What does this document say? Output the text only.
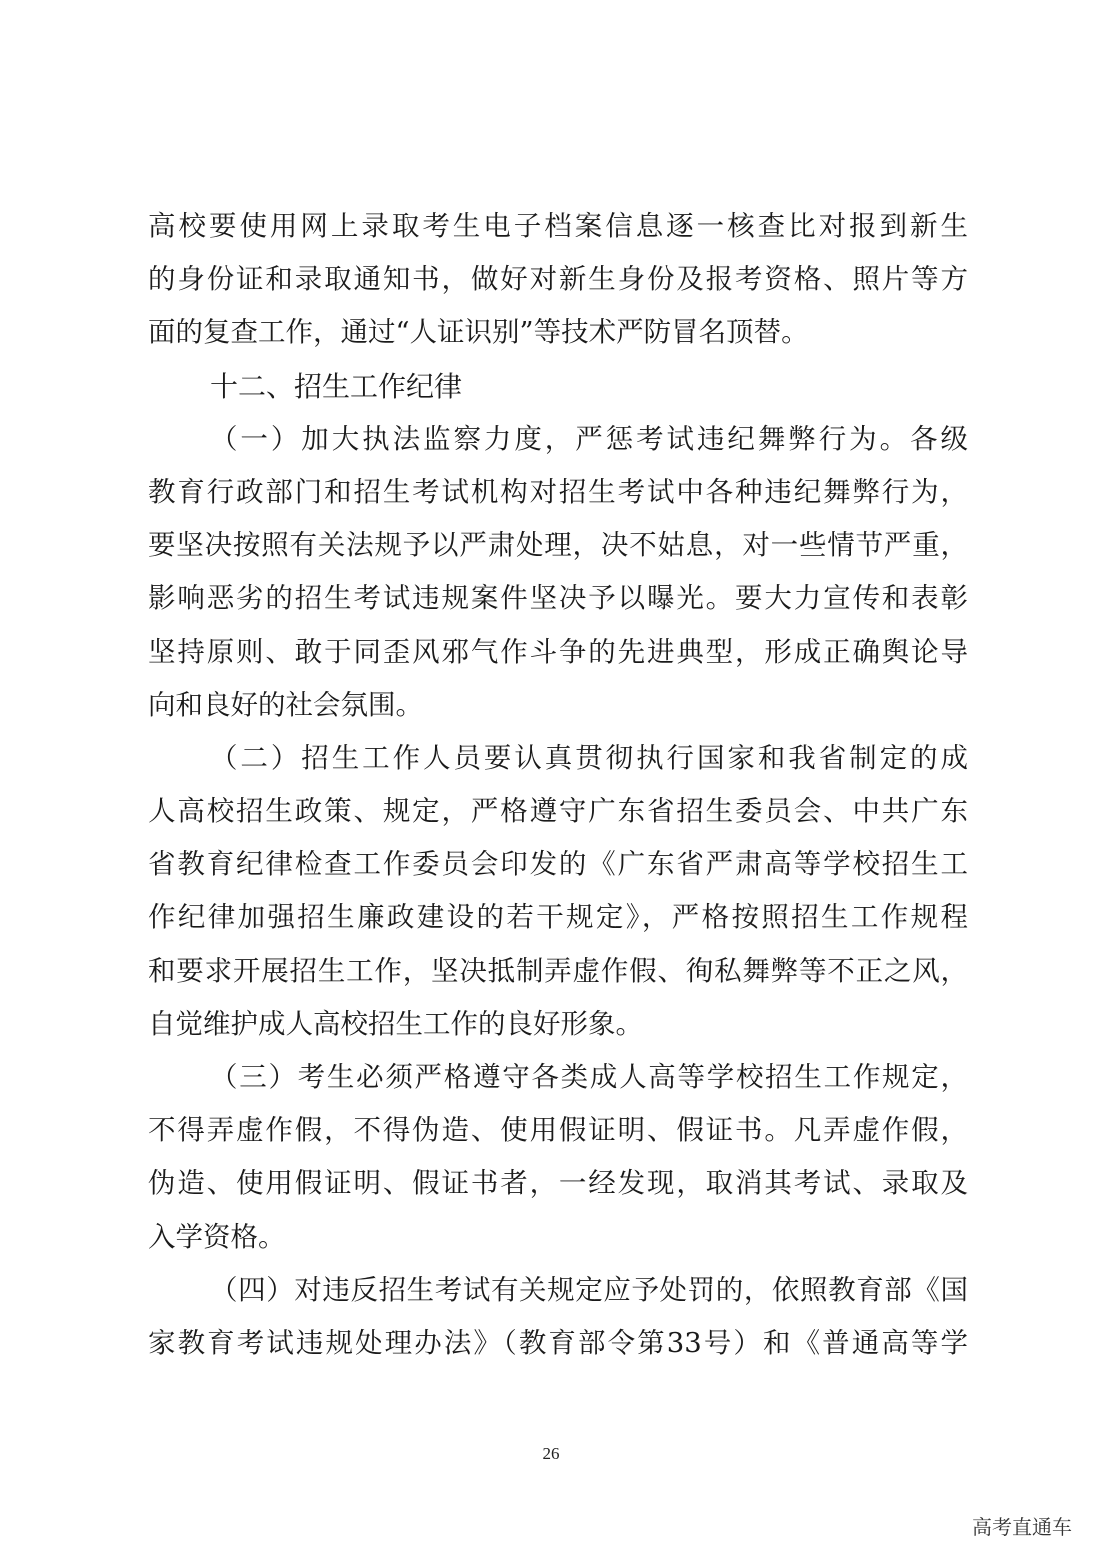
高校要使用网上录取考生电子档案信息逐一核查比对报到新生
的身份证和录取通知书，做好对新生身份及报考资格、照片等方
面的复查工作，通过“人证识别”等技术严防冒名顶替。
十二、招生工作纪律
（一）加大执法监察力度，严惩考试违纪舞弊行为。各级
教育行政部门和招生考试机构对招生考试中各种违纪舞弊行为，
要坚决按照有关法规予以严肃处理，决不姑息，对一些情节严重，
影响恶劣的招生考试违规案件坚决予以曝光。要大力宣传和表彰
坚持原则、敢于同歪风邪气作斗争的先进典型，形成正确舆论导
向和良好的社会氛围。
（二）招生工作人员要认真贯彻执行国家和我省制定的成
人高校招生政策、规定，严格遵守广东省招生委员会、中共广东
省教育纪律检查工作委员会印发的《广东省严肃高等学校招生工
作纪律加强招生廉政建设的若干规定》，严格按照招生工作规程
和要求开展招生工作，坚决抵制弄虚作假、徇私舞弊等不正之风，
自觉维护成人高校招生工作的良好形象。
（三）考生必须严格遵守各类成人高等学校招生工作规定，
不得弄虚作假，不得伪造、使用假证明、假证书。凡弄虚作假，
伪造、使用假证明、假证书者，一经发现，取消其考试、录取及
入学资格。
（四）对违反招生考试有关规定应予处罚的，依照教育部《国
家教育考试违规处理办法》（教育部令第33号）和《普通高等学
26
高考直通车
